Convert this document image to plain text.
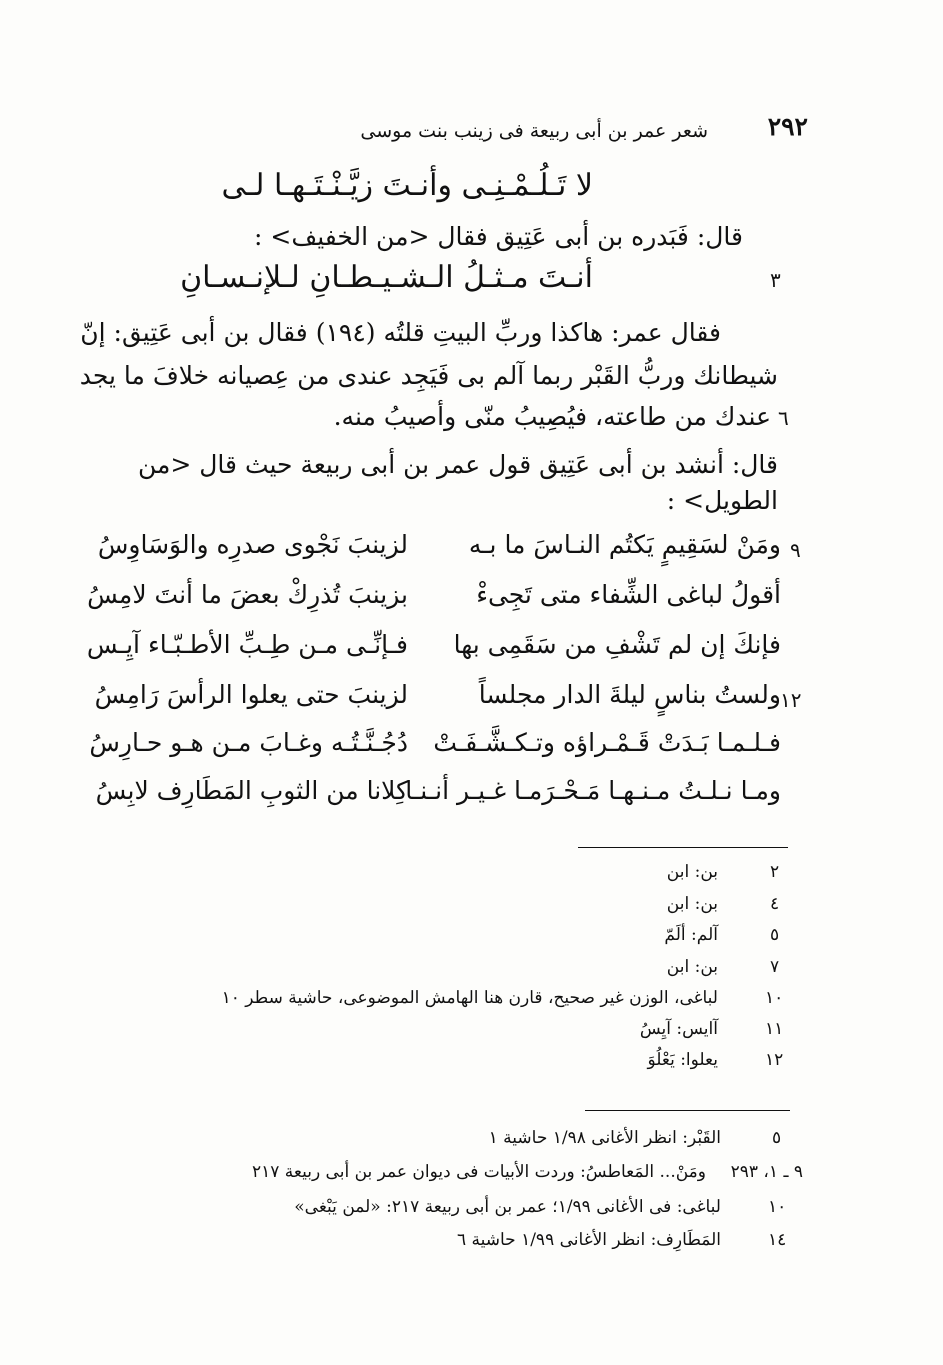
٢٩٢
شعر عمر بن أبى ربيعة فى زينب بنت موسى
لا تَـلُـمْـنِـى وأنـتَ زيَّـنْـتَـهـا لـى
قال: فَبَدره بن أبى عَتِيق فقال <من الخفيف> :
٣
أنـتَ مـثـلُ الـشـيـطـانِ لـلإنـسـانِ
فقال عمر: هاكذا وربِّ البيتِ قلتُه (١٩٤) فقال بن أبى عَتِيق: إنّ
شيطانك وربُّ القَبْر ربما آلم بى فَيَجِد عندى من عِصيانه خلافَ ما يجد
٦
عندك من طاعته، فيُصِيبُ منّى وأصيبُ منه.
قال: أنشد بن أبى عَتِيق قول عمر بن أبى ربيعة حيث قال <من
الطويل> :
٩
ومَنْ لسَقِيمٍ يَكتُم النـاسَ ما بـه
لزينبَ نَجْوى صدرِه والوَسَاوِسُ
أقولُ لباغى الشِّفاء متى تَجِىءْ
بزينبَ تُذرِكْ بعضَ ما أنتَ لامِسُ
فإنكَ إن لم تَشْفِ من سَقَمِى بها
فـإنِّـى مـن طِـبِّ الأطـبّـاء آيِـس
١٢
ولستُ بناسٍ ليلةَ الدار مجلساً
لزينبَ حتى يعلوا الرأسَ رَامِسُ
فـلـمـا بَـدَتْ قَـمْـراؤه وتـكـشَّـفَـتْ
دُجُـنَّـتُـه وغـابَ مـن هـو حـارِسُ
ومـا نـلـتُ مـنـهـا مَـحْـرَمـا غـيـر أنـنـا
كِلانا من الثوبِ المَطَارِف لابِسُ
٢
بن: ابن
٤
بن: ابن
٥
آلم: ألَمّ
٧
بن: ابن
١٠
لباغى، الوزن غير صحيح، قارن هنا الهامش الموضوعى، حاشية سطر ١٠
١١
آايس: آيِسُ
١٢
يعلوا: يَعْلُوَ
٥
القَبْر: انظر الأغانى ١/٩٨ حاشية ١
٩ ـ ١، ٢٩٣
ومَنْ... المَعاطسُ: وردت الأبيات فى ديوان عمر بن أبى ربيعة ٢١٧
١٠
لباغى: فى الأغانى ١/٩٩؛ عمر بن أبى ربيعة ٢١٧: «لمن يَبْغى»
١٤
المَطَارِف: انظر الأغانى ١/٩٩ حاشية ٦
